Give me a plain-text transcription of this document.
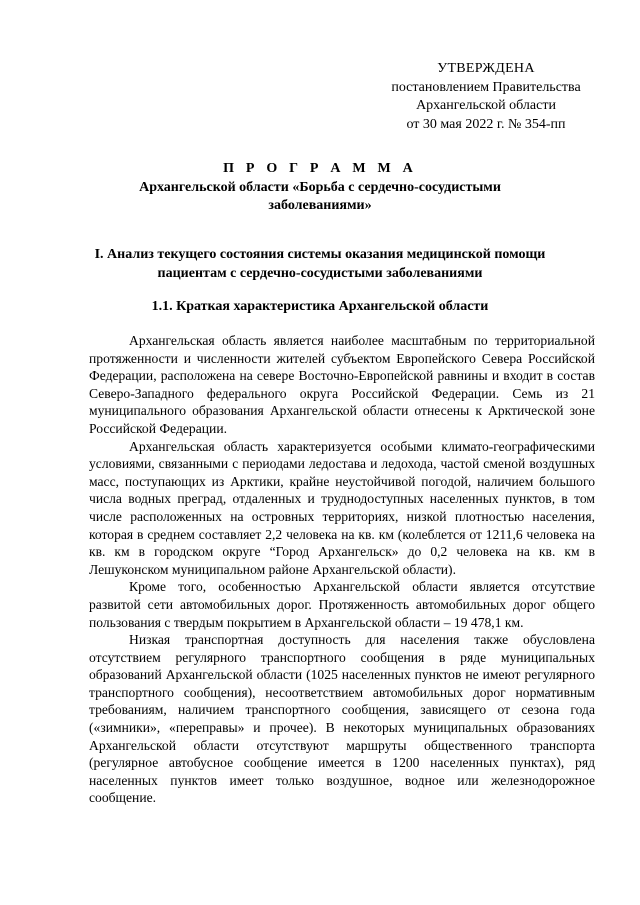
УТВЕРЖДЕНА
постановлением Правительства
Архангельской области
от 30 мая 2022 г. № 354-пп
П Р О Г Р А М М А
Архангельской области «Борьба с сердечно-сосудистыми
заболеваниями»
I. Анализ текущего состояния системы оказания медицинской помощи пациентам с сердечно-сосудистыми заболеваниями
1.1. Краткая характеристика Архангельской области

Архангельская область является наиболее масштабным по территориальной протяженности и численности жителей субъектом Европейского Севера Российской Федерации, расположена на севере Восточно-Европейской равнины и входит в состав Северо-Западного федерального округа Российской Федерации. Семь из 21 муниципального образования Архангельской области отнесены к Арктической зоне Российской Федерации.

Архангельская область характеризуется особыми климато-географическими условиями, связанными с периодами ледостава и ледохода, частой сменой воздушных масс, поступающих из Арктики, крайне неустойчивой погодой, наличием большого числа водных преград, отдаленных и труднодоступных населенных пунктов, в том числе расположенных на островных территориях, низкой плотностью населения, которая в среднем составляет 2,2 человека на кв. км (колеблется от 1211,6 человека на кв. км в городском округе “Город Архангельск» до 0,2 человека на кв. км в Лешуконском муниципальном районе Архангельской области).

Кроме того, особенностью Архангельской области является отсутствие развитой сети автомобильных дорог. Протяженность автомобильных дорог общего пользования с твердым покрытием в Архангельской области – 19 478,1 км.

Низкая транспортная доступность для населения также обусловлена отсутствием регулярного транспортного сообщения в ряде муниципальных образований Архангельской области (1025 населенных пунктов не имеют регулярного транспортного сообщения), несоответствием автомобильных дорог нормативным требованиям, наличием транспортного сообщения, зависящего от сезона года («зимники», «переправы» и прочее). В некоторых муниципальных образованиях Архангельской области отсутствуют маршруты общественного транспорта (регулярное автобусное сообщение имеется в 1200 населенных пунктах), ряд населенных пунктов имеет только воздушное, водное или железнодорожное сообщение.
